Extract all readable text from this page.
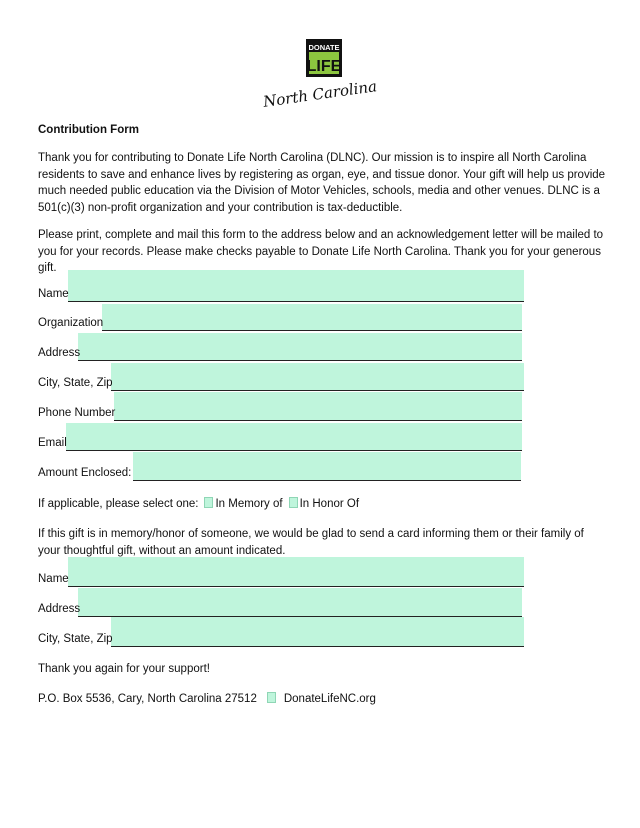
DONATE
LIFE
North Carolina
Contribution Form
Thank you for contributing to Donate Life North Carolina (DLNC). Our mission is to inspire all North Carolina residents to save and enhance lives by registering as organ, eye, and tissue donor. Your gift will help us provide much needed public education via the Division of Motor Vehicles, schools, media and other venues. DLNC is a 501(c)(3) non-profit organization and your contribution is tax-deductible.
Please print, complete and mail this form to the address below and an acknowledgement letter will be mailed to you for your records. Please make checks payable to Donate Life North Carolina. Thank you for your generous gift.
Name
Organization
Address
City, State, Zip
Phone Number
Email
Amount Enclosed:
If applicable, please select one: In Memory of In Honor Of
If this gift is in memory/honor of someone, we would be glad to send a card informing them or their family of your thoughtful gift, without an amount indicated.
Name
Address
City, State, Zip
Thank you again for your support!
P.O. Box 5536, Cary, North Carolina 27512 DonateLifeNC.org
